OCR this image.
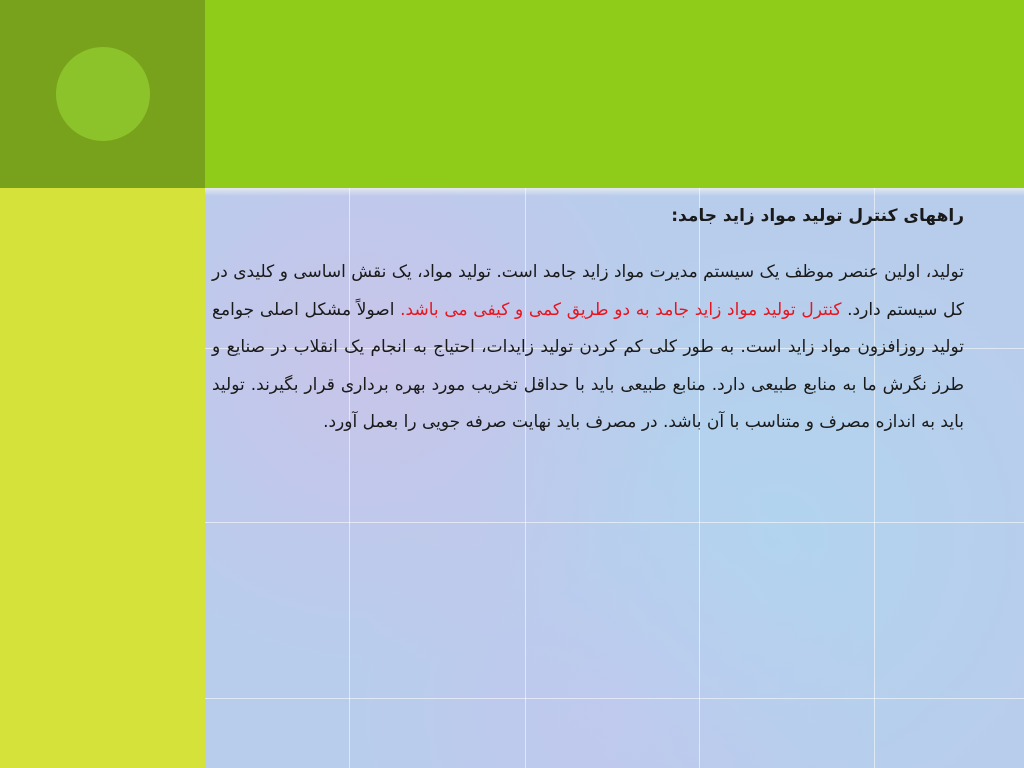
راههای کنترل تولید مواد زاید جامد:

تولید، اولین عنصر موظف یک سیستم مدیرت مواد زاید جامد است. تولید مواد، یک نقش اساسی و کلیدی در کل سیستم دارد. کنترل تولید مواد زاید جامد به دو طریق کمی و کیفی می باشد. اصولاً مشکل اصلی جوامع تولید روزافزون مواد زاید است. به طور کلی کم کردن تولید زایدات، احتیاج به انجام یک انقلاب در صنایع و طرز نگرش ما به منابع طبیعی دارد. منابع طبیعی باید با حداقل تخریب مورد بهره برداری قرار بگیرند. تولید باید به اندازه مصرف و متناسب با آن باشد. در مصرف باید نهایت صرفه جویی را بعمل آورد.
